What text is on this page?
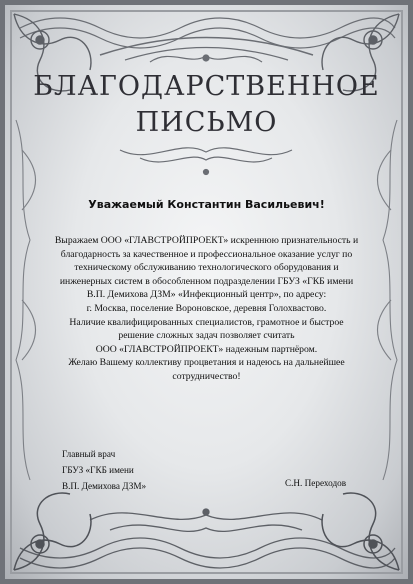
БЛАГОДАРСТВЕННОЕ
ПИСЬМО
Уважаемый Константин Васильевич!

Выражаем ООО «ГЛАВСТРОЙПРОЕКТ» искреннюю признательность и

благодарность за качественное и профессиональное оказание услуг по

техническому обслуживанию технологического оборудования и

инженерных систем в обособленном подразделении ГБУЗ «ГКБ имени

В.П. Демихова ДЗМ» «Инфекционный центр», по адресу:

г. Москва, поселение Вороновское, деревня Голохвастово.

Наличие квалифицированных специалистов, грамотное и быстрое

решение сложных задач позволяет считать

ООО «ГЛАВСТРОЙПРОЕКТ» надежным партнёром.

Желаю Вашему коллективу процветания и надеюсь на дальнейшее

сотрудничество!

Главный врач
ГБУЗ «ГКБ имени
В.П. Демихова ДЗМ»	С.Н. Переходов
